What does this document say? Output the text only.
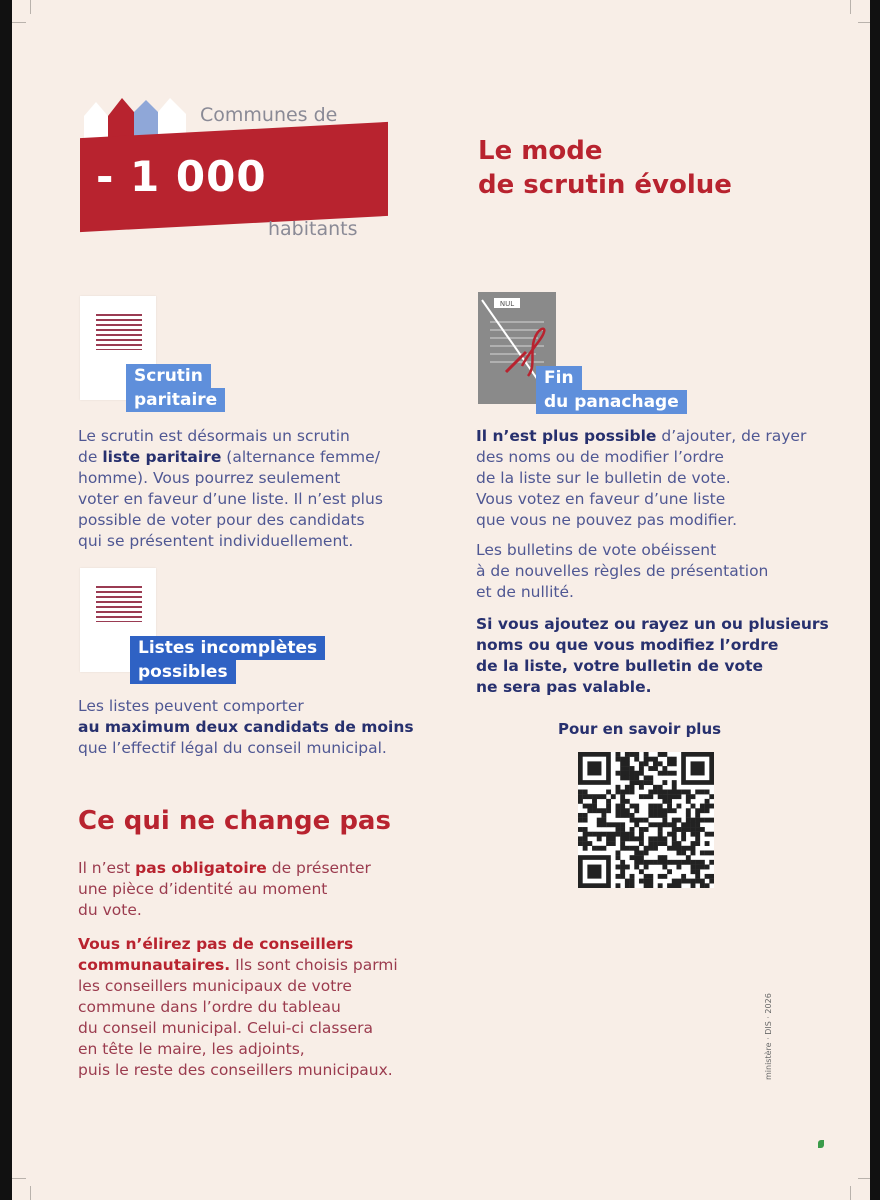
Communes de
- 1 000
habitants
Le mode
de scrutin évolue
Scrutin
paritaire
Le scrutin est désormais un scrutin
de liste paritaire (alternance femme/
homme). Vous pourrez seulement
voter en faveur d’une liste. Il n’est plus
possible de voter pour des candidats
qui se présentent individuellement.
Listes incomplètes
possibles
Les listes peuvent comporter
au maximum deux candidats de moins
que l’effectif légal du conseil municipal.
Ce qui ne change pas
Il n’est pas obligatoire de présenter
une pièce d’identité au moment
du vote.
Vous n’élirez pas de conseillers
communautaires. Ils sont choisis parmi
les conseillers municipaux de votre
commune dans l’ordre du tableau
du conseil municipal. Celui-ci classera
en tête le maire, les adjoints,
puis le reste des conseillers municipaux.
NUL
Fin
du panachage
Il n’est plus possible d’ajouter, de rayer
des noms ou de modifier l’ordre
de la liste sur le bulletin de vote.
Vous votez en faveur d’une liste
que vous ne pouvez pas modifier.
Les bulletins de vote obéissent
à de nouvelles règles de présentation
et de nullité.
Si vous ajoutez ou rayez un ou plusieurs
noms ou que vous modifiez l’ordre
de la liste, votre bulletin de vote
ne sera pas valable.
Pour en savoir plus
ministère · DIS · 2026
